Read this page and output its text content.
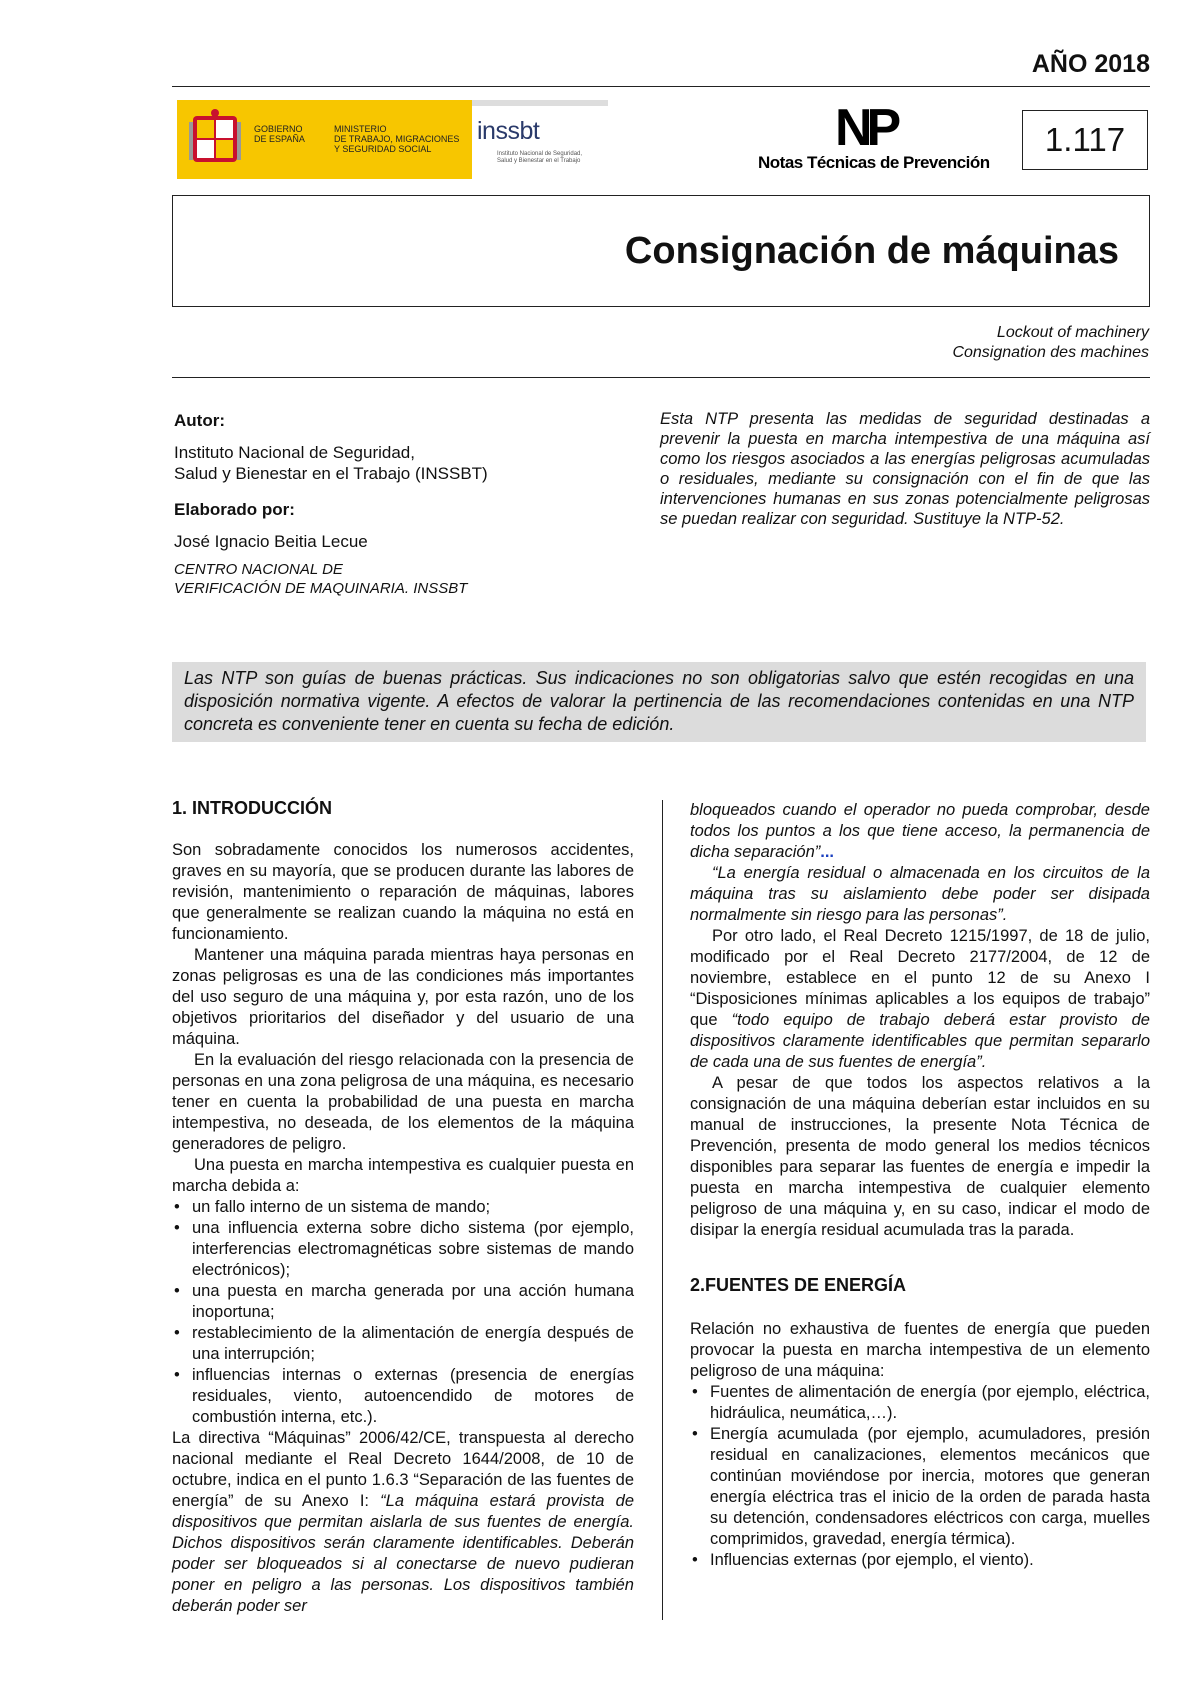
AÑO 2018
GOBIERNO
DE ESPAÑA
MINISTERIO
DE TRABAJO, MIGRACIONES
Y SEGURIDAD SOCIAL
inssbt
Instituto Nacional de Seguridad,
Salud y Bienestar en el Trabajo
NP
Notas Técnicas de Prevención
1.117
Consignación de máquinas
Lockout of machinery
Consignation des machines
Autor:
Instituto Nacional de Seguridad,
Salud y Bienestar en el Trabajo (INSSBT)
Elaborado por:
José Ignacio Beitia Lecue
CENTRO NACIONAL DE
VERIFICACIÓN DE MAQUINARIA. INSSBT
Esta NTP presenta las medidas de seguridad destinadas a prevenir la puesta en marcha intempestiva de una máquina así como los riesgos asociados a las energías peligrosas acumuladas o residuales, mediante su consignación con el fin de que las intervenciones humanas en sus zonas potencialmente peligrosas se puedan realizar con seguridad. Sustituye la NTP-52.
Las NTP son guías de buenas prácticas. Sus indicaciones no son obligatorias salvo que estén recogidas en una disposición normativa vigente. A efectos de valorar la pertinencia de las recomendaciones contenidas en una NTP concreta es conveniente tener en cuenta su fecha de edición.
1. INTRODUCCIÓN

Son sobradamente conocidos los numerosos accidentes, graves en su mayoría, que se producen durante las labores de revisión, mantenimiento o reparación de máquinas, labores que generalmente se realizan cuando la máquina no está en funcionamiento.

Mantener una máquina parada mientras haya personas en zonas peligrosas es una de las condiciones más importantes del uso seguro de una máquina y, por esta razón, uno de los objetivos prioritarios del diseñador y del usuario de una máquina.

En la evaluación del riesgo relacionada con la presencia de personas en una zona peligrosa de una máquina, es necesario tener en cuenta la probabilidad de una puesta en marcha intempestiva, no deseada, de los elementos de la máquina generadores de peligro.

Una puesta en marcha intempestiva es cualquier puesta en marcha debida a:

• un fallo interno de un sistema de mando;
• una influencia externa sobre dicho sistema (por ejemplo, interferencias electromagnéticas sobre sistemas de mando electrónicos);
• una puesta en marcha generada por una acción humana inoportuna;
• restablecimiento de la alimentación de energía después de una interrupción;
• influencias internas o externas (presencia de energías residuales, viento, autoencendido de motores de combustión interna, etc.).

La directiva “Máquinas” 2006/42/CE, transpuesta al derecho nacional mediante el Real Decreto 1644/2008, de 10 de octubre, indica en el punto 1.6.3 “Separación de las fuentes de energía” de su Anexo I: “La máquina estará provista de dispositivos que permitan aislarla de sus fuentes de energía. Dichos dispositivos serán claramente identificables. Deberán poder ser bloqueados si al conectarse de nuevo pudieran poner en peligro a las personas. Los dispositivos también deberán poder ser

bloqueados cuando el operador no pueda comprobar, desde todos los puntos a los que tiene acceso, la permanencia de dicha separación”...

“La energía residual o almacenada en los circuitos de la máquina tras su aislamiento debe poder ser disipada normalmente sin riesgo para las personas”.

Por otro lado, el Real Decreto 1215/1997, de 18 de julio, modificado por el Real Decreto 2177/2004, de 12 de noviembre, establece en el punto 12 de su Anexo I “Disposiciones mínimas aplicables a los equipos de trabajo” que “todo equipo de trabajo deberá estar provisto de dispositivos claramente identificables que permitan separarlo de cada una de sus fuentes de energía”.

A pesar de que todos los aspectos relativos a la consignación de una máquina deberían estar incluidos en su manual de instrucciones, la presente Nota Técnica de Prevención, presenta de modo general los medios técnicos disponibles para separar las fuentes de energía e impedir la puesta en marcha intempestiva de cualquier elemento peligroso de una máquina y, en su caso, indicar el modo de disipar la energía residual acumulada tras la parada.

2.FUENTES DE ENERGÍA

Relación no exhaustiva de fuentes de energía que pueden provocar la puesta en marcha intempestiva de un elemento peligroso de una máquina:

• Fuentes de alimentación de energía (por ejemplo, eléctrica, hidráulica, neumática,…).
• Energía acumulada (por ejemplo, acumuladores, presión residual en canalizaciones, elementos mecánicos que continúan moviéndose por inercia, motores que generan energía eléctrica tras el inicio de la orden de parada hasta su detención, condensadores eléctricos con carga, muelles comprimidos, gravedad, energía térmica).
• Influencias externas (por ejemplo, el viento).
